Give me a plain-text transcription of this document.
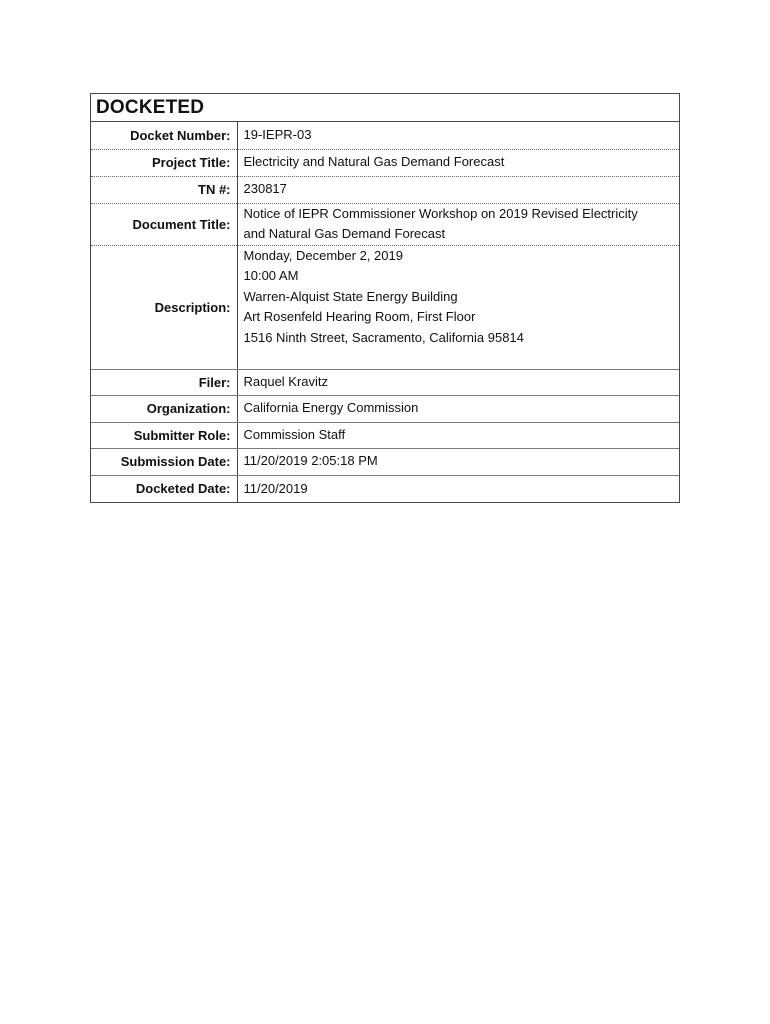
DOCKETED
Docket Number:	19-IEPR-03
Project Title:	Electricity and Natural Gas Demand Forecast
TN #:	230817
Document Title:	Notice of IEPR Commissioner Workshop on 2019 Revised Electricity
and Natural Gas Demand Forecast

Description:	Monday, December 2, 2019
10:00 AM
Warren-Alquist State Energy Building
Art Rosenfeld Hearing Room, First Floor
1516 Ninth Street, Sacramento, California 95814

Filer:	Raquel Kravitz
Organization:	California Energy Commission
Submitter Role:	Commission Staff
Submission Date:	11/20/2019 2:05:18 PM
Docketed Date:	11/20/2019
